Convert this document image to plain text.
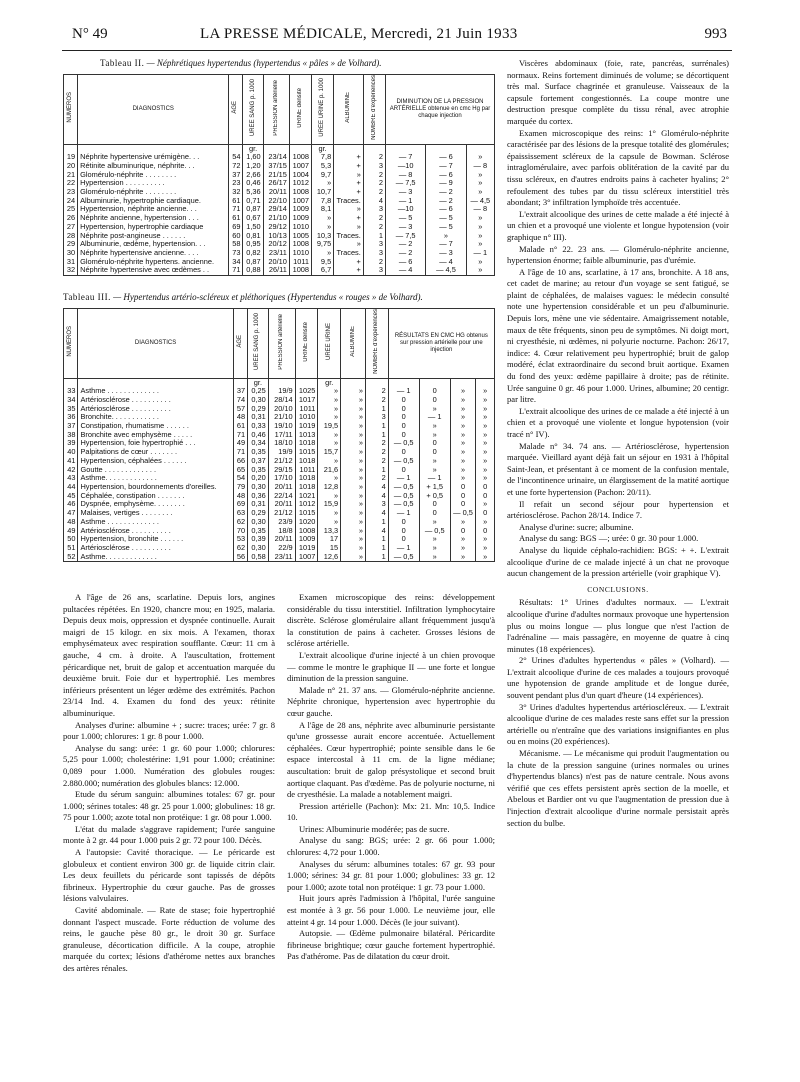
N° 49	LA PRESSE MÉDICALE, Mercredi, 21 Juin 1933	993
Tableau II. — Néphrétiques hypertendus (hypertendus « pâles » de Volhard).
NUMÉROS	DIAGNOSTICS	ÂGE	URÉE SANG p. 1000	PRESSION artérielle	URINE densité	URÉE URINE p. 1000	ALBUMINE	NOMBRE d'expériences	DIMINUTION DE LA PRESSION ARTÉRIELLE obtenue en cmc Hg par chaque injection		
			gr.			gr.					
19	Néphrite hypertensive urémigène. . .	54	1,60	23/14	1008	7,8	+	2	— 7	— 6	»
20	Rétinite albuminurique, néphrite. . .	72	1,20	37/15	1007	5,3	+	3	—10	— 7	— 8
21	Glomérulo-néphrite . . . . . . . .	37	2,66	21/15	1004	9,7	»	2	— 8	— 6	»
22	Hypertension . . . . . . . . . .	23	0,46	26/17	1012	»	+	2	— 7,5	— 9	»
23	Glomérulo-néphrite . . . . . . . .	32	5,36	20/11	1008	10,7	+	2	— 3	— 2	»
24	Albuminurie, hypertrophie cardiaque.	61	0,71	22/10	1007	7,8	Traces.	4	— 1	— 2	— 4,5
25	Hypertension, néphrite ancienne. . .	71	0,87	29/14	1009	8,1	»	3	—10	— 6	— 8
26	Néphrite ancienne, hypertension . . .	61	0,67	21/10	1009	»	+	2	— 5	— 5	»
27	Hypertension, hypertrophie cardiaque	69	1,50	29/12	1010	»	»	2	— 3	— 5	»
28	Néphrite post-angineuse . . . . . .	60	0,81	10/13	1005	10,3	Traces.	1	— 7,5	»	»
29	Albuminurie, œdème, hypertension. . .	58	0,95	20/12	1008	9,75	»	3	— 2	— 7	»
30	Néphrite hypertensive ancienne. . . .	73	0,82	23/11	1010	»	Traces.	3	— 2	— 3	— 1
31	Glomérulo-néphrite hypertens. ancienne.	34	0,87	20/10	1011	9,5	+	2	— 6	— 4	»
32	Néphrite hypertensive avec œdèmes . .	71	0,88	26/11	1008	6,7	+	3	— 4	— 4,5	»
Tableau III. — Hypertendus artério-scléreux et pléthoriques (Hypertendus « rouges » de Volhard).
NUMÉROS	DIAGNOSTICS	ÂGE	URÉE SANG p. 1000	PRESSION artérielle	URINE densité	URÉE URINE	ALBUMINE	NOMBRE d'expériences	RÉSULTATS EN CMC HG obtenus sur pression artérielle pour une injection			
			gr.			gr.						
33	Asthme . . . . . . . . . . . . .	37	0,25	19/9	1025	»	»	2	— 1	0	»	»
34	Artériosclérose . . . . . . . . . .	74	0,30	28/14	1017	»	»	2	0	0	»	»
35	Artériosclérose . . . . . . . . . .	57	0,29	20/10	1011	»	»	1	0	»	»	»
36	Bronchite. . . . . . . . . . . .	48	0,31	21/10	1010	»	»	3	0	— 1	»	»
37	Constipation, rhumatisme . . . . . .	61	0,33	19/10	1019	19,5	»	1	0	»	»	»
38	Bronchite avec emphysème . . . . .	71	0,46	17/11	1013	»	»	1	0	»	»	»
39	Hypertension, foie hypertrophié . . .	49	0,34	18/10	1018	»	»	2	— 0,5	0	»	»
40	Palpitations de cœur . . . . . . .	71	0,35	19/9	1015	15,7	»	2	0	0	»	»
41	Hypertension, céphalées . . . . . .	66	0,37	21/12	1018	»	»	2	— 0,5	»	»	»
42	Goutte . . . . . . . . . . . . .	65	0,35	29/15	1011	21,6	»	1	0	»	»	»
43	Asthme. . . . . . . . . . . . .	54	0,20	17/10	1018	»	»	2	— 1	— 1	»	»
44	Hypertension, bourdonnements d'oreilles.	79	0,30	20/11	1018	12,8	»	4	— 0,5	+ 1,5	0	0
45	Céphalée, constipation . . . . . . .	48	0,36	22/14	1021	»	»	4	— 0,5	+ 0,5	0	0
46	Dyspnée, emphysème. . . . . . . .	69	0,31	20/11	1012	15,9	»	3	— 0,5	0	0	»
47	Malaises, vertiges . . . . . . . .	63	0,29	21/12	1015	»	»	4	— 1	0	— 0,5	0
48	Asthme . . . . . . . . . . . . .	62	0,30	23/9	1020	»	»	1	0	»	»	»
49	Artériosclérose . . . . . . . . . .	70	0,35	18/8	1008	13,3	»	4	0	— 0,5	0	0
50	Hypertension, bronchite . . . . . .	53	0,39	20/11	1009	17	»	1	0	»	»	»
51	Artériosclérose . . . . . . . . . .	62	0,30	22/9	1019	15	»	1	— 1	»	»	»
52	Asthme. . . . . . . . . . . . .	56	0,58	23/11	1007	12,6	»	1	— 0,5	»	»	»

A l'âge de 26 ans, scarlatine. Depuis lors, angines pultacées répétées. En 1920, chancre mou; en 1925, malaria. Depuis deux mois, oppression et dyspnée continuelle. Aurait maigri de 15 kilogr. en six mois. A l'examen, thorax emphysémateux avec respiration soufflante. Cœur: 11 cm à gauche, 4 cm. à droite. A l'auscultation, frottement péricardique net, bruit de galop et accentuation marquée du deuxième bruit. Foie dur et hypertrophié. Les membres inférieurs présentent un léger œdème des extrémités. Pachon 23/14 Ind. 4. Examen du fond des yeux: rétinite albuminurique.

Analyses d'urine: albumine + ; sucre: traces; urée: 7 gr. 8 pour 1.000; chlorures: 1 gr. 8 pour 1.000.

Analyse du sang: urée: 1 gr. 60 pour 1.000; chlorures: 5,25 pour 1.000; cholestérine: 1,91 pour 1.000; créatinine: 0,089 pour 1.000. Numération des globules rouges: 2.880.000; numération des globules blancs: 12.000.

Etude du sérum sanguin: albumines totales: 67 gr. pour 1.000; sérines totales: 48 gr. 25 pour 1.000; globulines: 18 gr. 75 pour 1.000; azote total non protéique: 1 gr. 08 pour 1.000.

L'état du malade s'aggrave rapidement; l'urée sanguine monte à 2 gr. 44 pour 1.000 puis 2 gr. 72 pour 100. Décès.

A l'autopsie: Cavité thoracique. — Le péricarde est globuleux et contient environ 300 gr. de liquide citrin clair. Les deux feuillets du péricarde sont tapissés de dépôts fibrineux. Hypertrophie du cœur gauche. Pas de grosses lésions valvulaires.

Cavité abdominale. — Rate de stase; foie hypertrophié donnant l'aspect muscade. Forte réduction de volume des reins, le gauche pèse 80 gr., le droit 30 gr. Surface granuleuse, décortication difficile. A la coupe, atrophie marquée du cortex; lésions d'athérome nettes aux branches des artères rénales.

Examen microscopique des reins: développement considérable du tissu interstitiel. Infiltration lymphocytaire discrète. Sclérose glomérulaire allant fréquemment jusqu'à la constitution de pains à cacheter. Grosses lésions de sclérose artérielle.

L'extrait alcoolique d'urine injecté à un chien provoque — comme le montre le graphique II — une forte et longue diminution de la pression sanguine.

Malade n° 21. 37 ans. — Glomérulo-néphrite ancienne. Néphrite chronique, hypertension avec hypertrophie du cœur gauche.

A l'âge de 28 ans, néphrite avec albuminurie persistante qu'une grossesse aurait encore accentuée. Actuellement céphalées. Cœur hypertrophié; pointe sensible dans le 6e espace intercostal à 11 cm. de la ligne médiane; auscultation: bruit de galop présystolique et second bruit aortique claquant. Pas d'œdème. Pas de polyurie nocturne, ni de cryesthésie. La malade a notablement maigri.

Pression artérielle (Pachon): Mx: 21. Mn: 10,5. Indice 10.

Urines: Albuminurie modérée; pas de sucre.

Analyse du sang: BGS; urée: 2 gr. 66 pour 1.000; chlorures: 4,72 pour 1.000.

Analyses du sérum: albumines totales: 67 gr. 93 pour 1.000; sérines: 34 gr. 81 pour 1.000; globulines: 33 gr. 12 pour 1.000; azote total non protéique: 1 gr. 73 pour 1.000.

Huit jours après l'admission à l'hôpital, l'urée sanguine est montée à 3 gr. 56 pour 1.000. Le neuvième jour, elle atteint 4 gr. 14 pour 1.000. Décès (le jour suivant).

Autopsie. — Œdème pulmonaire bilatéral. Péricardite fibrineuse brightique; cœur gauche fortement hypertrophié. Pas d'athérome. Pas de dilatation du cœur droit.

Viscères abdominaux (foie, rate, pancréas, surrénales) normaux. Reins fortement diminués de volume; se décortiquent très mal. Surface chagrinée et granuleuse. Vaisseaux de la capsule fortement congestionnés. La coupe montre une destruction presque complète du tissu rénal, avec atrophie marquée du cortex.

Examen microscopique des reins: 1° Glomérulo-néphrite caractérisée par des lésions de la presque totalité des glomérules; épaississement scléreux de la capsule de Bowman. Sclérose intraglomérulaire, avec parfois oblitération de la cavité par du tissu scléreux, en d'autres endroits pains à cacheter hyalins; 2° refoulement des tubes par du tissu scléreux interstitiel très abondant; 3° infiltration lymphoïde très accentuée.

L'extrait alcoolique des urines de cette malade a été injecté à un chien et a provoqué une violente et longue hypotension (voir graphique n° III).

Malade n° 22. 23 ans. — Glomérulo-néphrite ancienne, hypertension énorme; faible albuminurie, pas d'urémie.

A l'âge de 10 ans, scarlatine, à 17 ans, bronchite. A 18 ans, cet cadet de marine; au retour d'un voyage se sent fatigué, se plaint de céphalées, de malaises vagues: le médecin consulté note une hypertension considérable et un peu d'albuminurie. Depuis lors, mène une vie sédentaire. Amaigrissement notable, maux de tête fréquents, sinon peu de symptômes. Ni doigt mort, ni cryesthésie, ni œdèmes, ni polyurie nocturne. Pachon: 26/17, indice: 4. Cœur relativement peu hypertrophié; bruit de galop modéré, éclat extraordinaire du second bruit aortique. Examen du fond des yeux: œdème papillaire à droite; pas de rétinite. Urée sanguine 0 gr. 46 pour 1.000. Urines, albumine; 20 centigr. par litre.

L'extrait alcoolique des urines de ce malade a été injecté à un chien et a provoqué une violente et longue hypotension (voir tracé n° IV).

Malade n° 34. 74 ans. — Artériosclérose, hypertension marquée. Vieillard ayant déjà fait un séjour en 1931 à l'hôpital Saint-Jean, et présentant à ce moment de la confusion mentale, de l'incontinence urinaire, un élargissement de la matité aortique et une forte hypertension (Pachon: 20/11).

Il refait un second séjour pour hypertension et artériosclérose. Pachon 28/14. Indice 7.

Analyse d'urine: sucre; albumine.

Analyse du sang: BGS —; urée: 0 gr. 30 pour 1.000.

Analyse du liquide céphalo-rachidien: BGS: + +. L'extrait alcoolique d'urine de ce malade injecté à un chat ne provoque aucun changement de la pression artérielle (voir graphique V).

CONCLUSIONS.

Résultats: 1° Urines d'adultes normaux. — L'extrait alcoolique d'urine d'adultes normaux provoque une hypertension plus ou moins longue — plus longue que n'est l'action de l'adrénaline — mais passagère, en moyenne de quatre à cinq minutes (18 expériences).

2° Urines d'adultes hypertendus « pâles » (Volhard). — L'extrait alcoolique d'urine de ces malades a toujours provoqué une hypotension de grande amplitude et de longue durée, souvent pendant plus d'un quart d'heure (14 expériences).

3° Urines d'adultes hypertendus artérioscléreux. — L'extrait alcoolique d'urine de ces malades reste sans effet sur la pression artérielle ou n'entraîne que des variations insignifiantes en plus ou en moins (20 expériences).

Mécanisme. — Le mécanisme qui produit l'augmentation ou la chute de la pression sanguine (urines normales ou urines d'hypertendus blancs) n'est pas de nature centrale. Nous avons vérifié que ces effets persistent après section de la moelle, et Abelous et Bardier ont vu que l'augmentation de pression due à l'injection d'extrait alcoolique d'urine normale persistait après section du bulbe.
